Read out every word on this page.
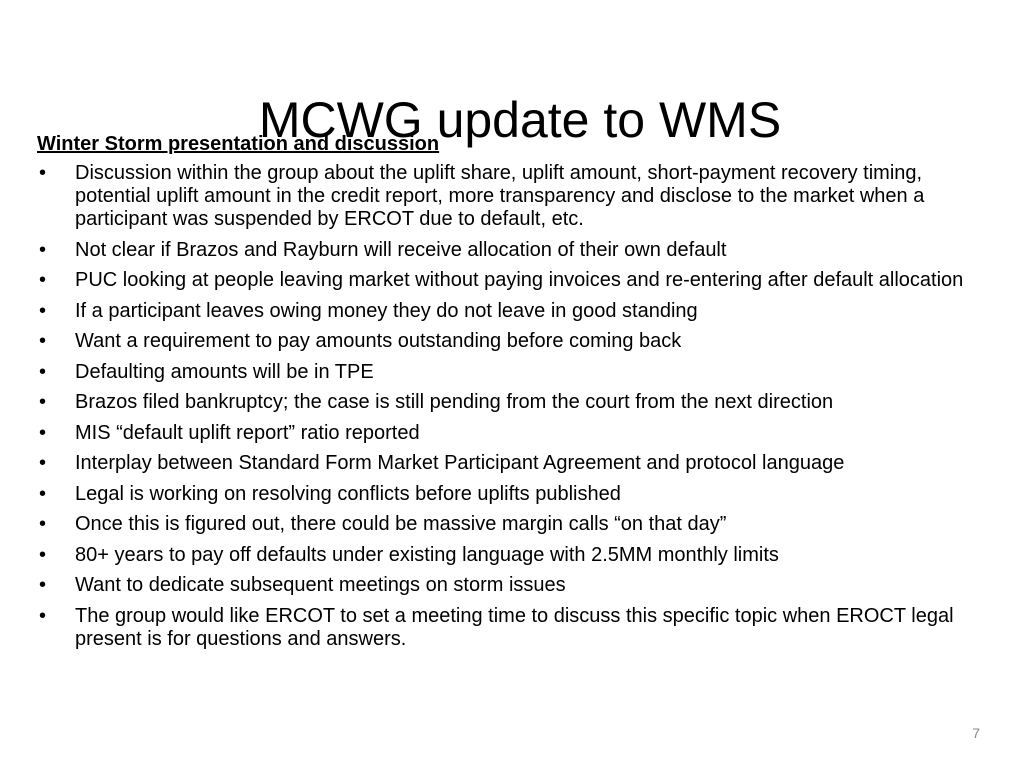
MCWG update to WMS
Winter Storm presentation and discussion
•	Discussion within the group about the uplift share, uplift amount, short-payment recovery timing, potential uplift amount in the credit report, more transparency and disclose to the market when a participant was suspended by ERCOT due to default, etc.
•	Not clear if Brazos and Rayburn will receive allocation of their own default
•	PUC looking at people leaving market without paying invoices and re-entering after default allocation
•	If a participant leaves owing money they do not leave in good standing
•	Want a requirement to pay amounts outstanding before coming back
•	Defaulting amounts will be in TPE
•	Brazos filed bankruptcy; the case is still pending from the court from the next direction
•	MIS “default uplift report” ratio reported
•	Interplay between Standard Form Market Participant Agreement and protocol language
•	Legal is working on resolving conflicts before uplifts published
•	Once this is figured out, there could be massive margin calls “on that day”
•	80+ years to pay off defaults under existing language with 2.5MM monthly limits
•	Want to dedicate subsequent meetings on storm issues
•	The group would like ERCOT to set a meeting time to discuss this specific topic when EROCT legal present is for questions and answers.
7
